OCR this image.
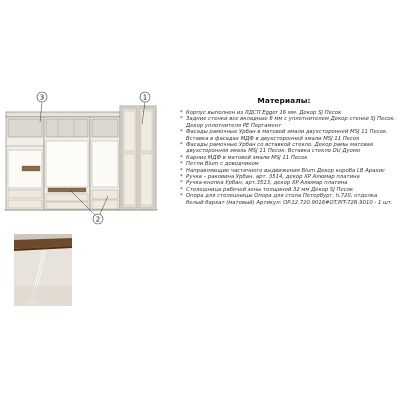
3	1
2
Материалы:
* Корпус выполнен из ЛДСП Egger 16 мм. Декор SJ Песок
* Задние стенки все вкладные 8 мм с уплотнителем Декор стенки SJ Песок. Декор уплотнителя PE Пергамент
* Фасады рамочные Урбан в матовой эмали двухсторонней MSJ 11 Песок. Вставка в фасадах МДФ в двухсторонней эмали MSJ 11 Песок
* Фасады рамочные Урбан со вставкой стекло. Декор рамы матовая двухсторонняя эмаль MSJ 11 Песок. Вставка стекло DU Дуомо
* Карниз МДФ в матовой эмали MSJ 11 Песок
* Петли Blum с доводчиком
* Направляющие частичного выдвижения Blum Декор короба LB Арахис
* Ручка – раковина Урбан, арт. 3514, декор XP Алюмар платина
* Ручка-кнопка Урбан, арт.3513, декор XP Алюмар платина
* Столешница рабочей зоны толщиной 32 мм Декор SJ Песок
* Опора для столешницы Опора для стола Петербург, h.720, отделка белый бархат (матовый) Артикул: OP.12.720.9016#OT.PIT-72R.9010 - 1 шт.
